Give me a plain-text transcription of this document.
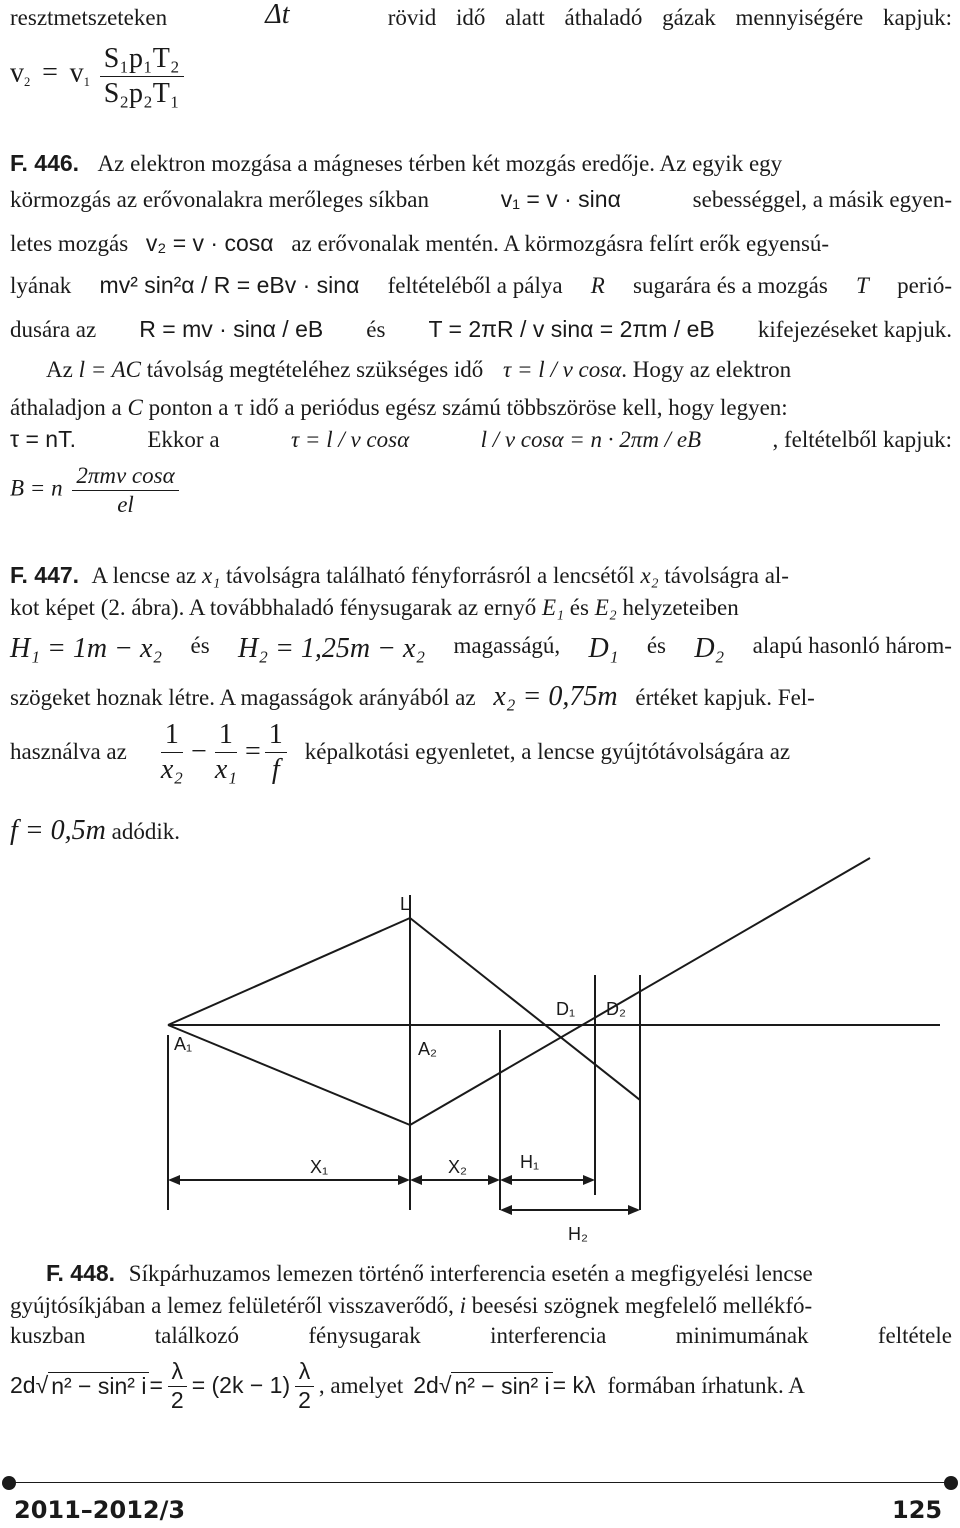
resztmetszeteken	Δt	rövid idő alatt áthaladó gázak mennyiségére kapjuk:
$v_2 = v_1 \frac{\text{S₁p₁T₂}}{\text{S₂p₂T₁}}$
F. 446. Az elektron mozgása a mágneses térben két mozgás eredője. Az egyik egy
körmozgás az erővonalakra merőleges síkban	v₁ = v · sinα	sebességgel, a másik egyen-
letes mozgás v₂ = v · cosα az erővonalak mentén. A körmozgásra felírt erők egyensú-
lyának mv² sin²α / R = eBv · sinα feltételéből a pálya R sugarára és a mozgás T perió-
dusára az R = mv · sinα / eB és T = 2πR / v sinα = 2πm / eB kifejezéseket kapjuk.
Az l = AC távolság megtételéhez szükséges idő τ = l / v cosα. Hogy az elektron
áthaladjon a C ponton a τ idő a periódus egész számú többszöröse kell, hogy legyen:
τ = nT.	Ekkor a	τ = l / v cosα	l / v cosα = n · 2πm / eB	, feltételből kapjuk:
B = n $\frac{\text{2πmv cosα}}{el}$
F. 447. A lencse az x₁ távolságra található fényforrásról a lencsétől x₂ távolságra al-
kot képet (2. ábra). A továbbhaladó fénysugarak az ernyő E₁ és E₂ helyzeteiben
H₁ = 1m − x₂ és H₂ = 1,25m − x₂ magasságú, D₁ és D₂ alapú hasonló három-
szögeket hoznak létre. A magasságok arányából az x₂ = 0,75m értéket kapjuk. Fel-
használva az $\frac{1}{\text{x₂}} - \frac{1}{\text{x₁}} = \frac{1}{f}$ képalkotási egyenletet, a lencse gyújtótávolságára az
f = 0,5m adódik.
L
A₁	A₂
D₁ D₂
X₁	X₂	H₁
H₂
F. 448. Síkpárhuzamos lemezen történő interferencia esetén a megfigyelési lencse
gyújtósíkjában a lemez felületéről visszaverődő, i beesési szögnek megfelelő mellékfó-
kuszban	találkozó	fénysugarak	interferencia	minimumának	feltétele
2d √ n² − sin² $i = \frac{\lambda}{2} = (2k - 1) \frac{\lambda}{2}$ , amelyet 2d √ n² − sin² i = kλ formában írhatunk. A
2011–2012/3	125
